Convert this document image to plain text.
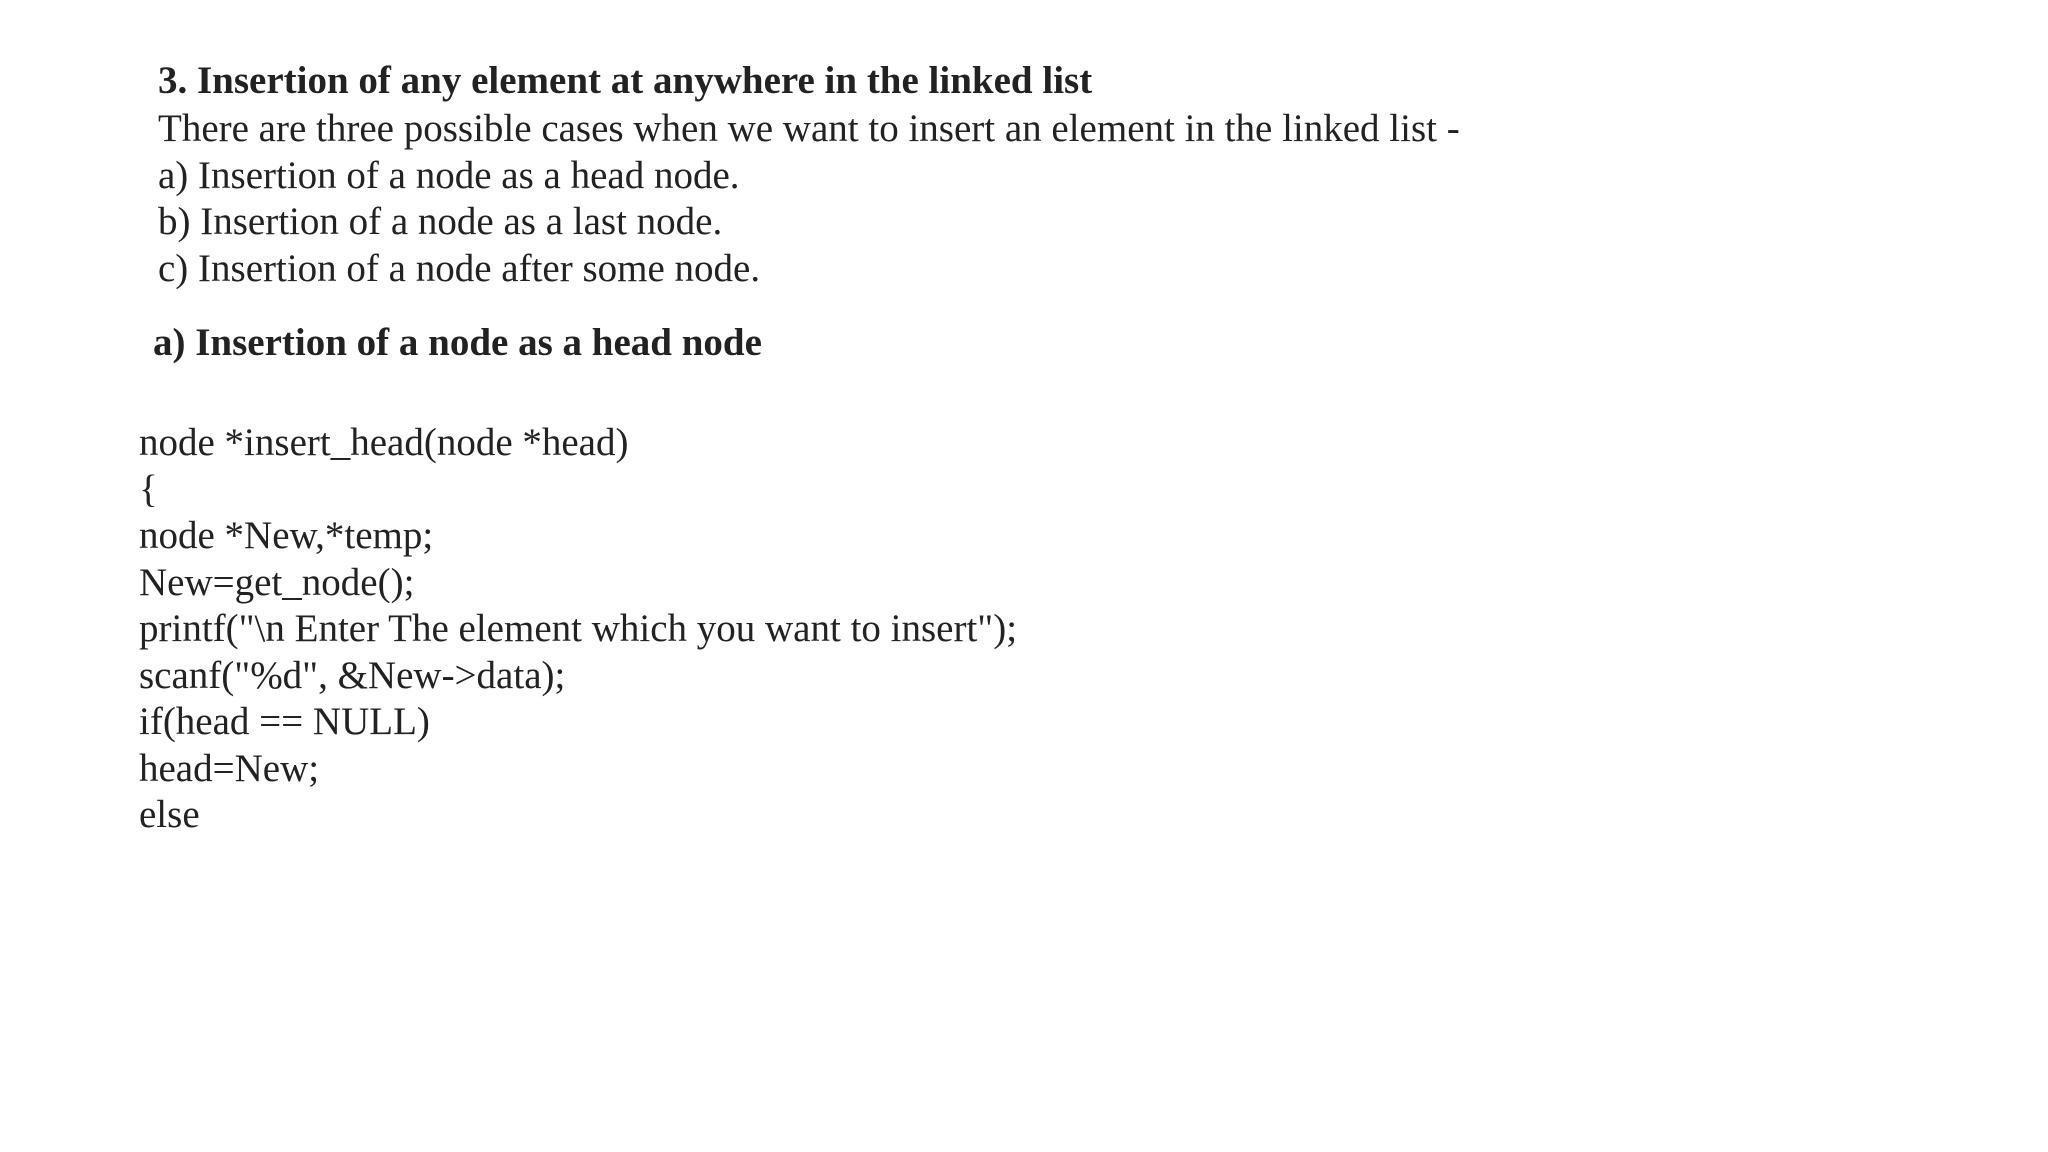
3. Insertion of any element at anywhere in the linked list
There are three possible cases when we want to insert an element in the linked list -
a) Insertion of a node as a head node.
b) Insertion of a node as a last node.
c) Insertion of a node after some node.
a) Insertion of a node as a head node
node *insert_head(node *head)
{
node *New,*temp;
New=get_node();
printf("\n Enter The element which you want to insert");
scanf("%d", &New->data);
if(head == NULL)
head=New;
else
